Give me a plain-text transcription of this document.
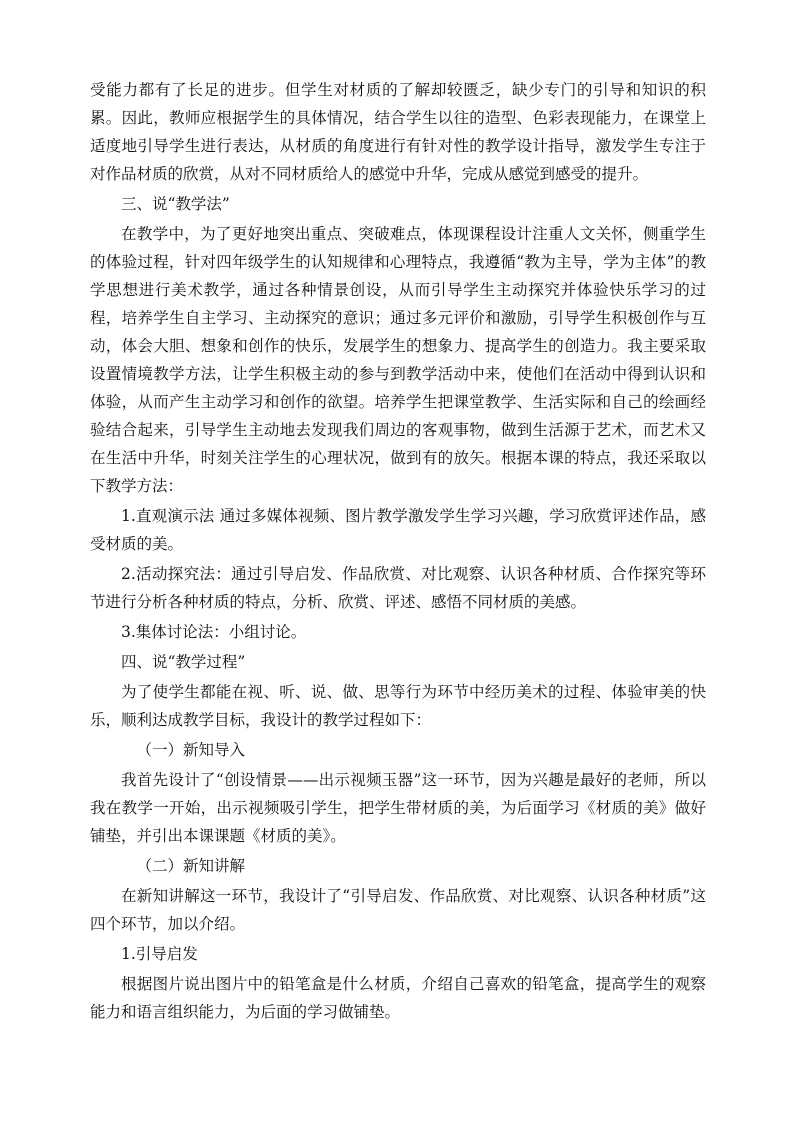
受能力都有了长足的进步。但学生对材质的了解却较匮乏，缺少专门的引导和知识的积累。因此，教师应根据学生的具体情况，结合学生以往的造型、色彩表现能力，在课堂上适度地引导学生进行表达，从材质的角度进行有针对性的教学设计指导，激发学生专注于对作品材质的欣赏，从对不同材质给人的感觉中升华，完成从感觉到感受的提升。

三、说“教学法”

在教学中，为了更好地突出重点、突破难点，体现课程设计注重人文关怀，侧重学生的体验过程，针对四年级学生的认知规律和心理特点，我遵循“教为主导，学为主体”的教学思想进行美术教学，通过各种情景创设，从而引导学生主动探究并体验快乐学习的过程，培养学生自主学习、主动探究的意识；通过多元评价和激励，引导学生积极创作与互动，体会大胆、想象和创作的快乐，发展学生的想象力、提高学生的创造力。我主要采取设置情境教学方法，让学生积极主动的参与到教学活动中来，使他们在活动中得到认识和体验，从而产生主动学习和创作的欲望。培养学生把课堂教学、生活实际和自己的绘画经验结合起来，引导学生主动地去发现我们周边的客观事物，做到生活源于艺术，而艺术又在生活中升华，时刻关注学生的心理状况，做到有的放矢。根据本课的特点，我还采取以下教学方法：

1.直观演示法 通过多媒体视频、图片教学激发学生学习兴趣，学习欣赏评述作品，感受材质的美。

2.活动探究法：通过引导启发、作品欣赏、对比观察、认识各种材质、合作探究等环节进行分析各种材质的特点，分析、欣赏、评述、感悟不同材质的美感。

3.集体讨论法：小组讨论。

四、说“教学过程”

为了使学生都能在视、听、说、做、思等行为环节中经历美术的过程、体验审美的快乐，顺利达成教学目标，我设计的教学过程如下：

（一）新知导入

我首先设计了“创设情景——出示视频玉器”这一环节，因为兴趣是最好的老师，所以我在教学一开始，出示视频吸引学生，把学生带材质的美，为后面学习《材质的美》做好铺垫，并引出本课课题《材质的美》。

（二）新知讲解

在新知讲解这一环节，我设计了“引导启发、作品欣赏、对比观察、认识各种材质”这四个环节，加以介绍。

1.引导启发

根据图片说出图片中的铅笔盒是什么材质，介绍自己喜欢的铅笔盒，提高学生的观察能力和语言组织能力，为后面的学习做铺垫。
